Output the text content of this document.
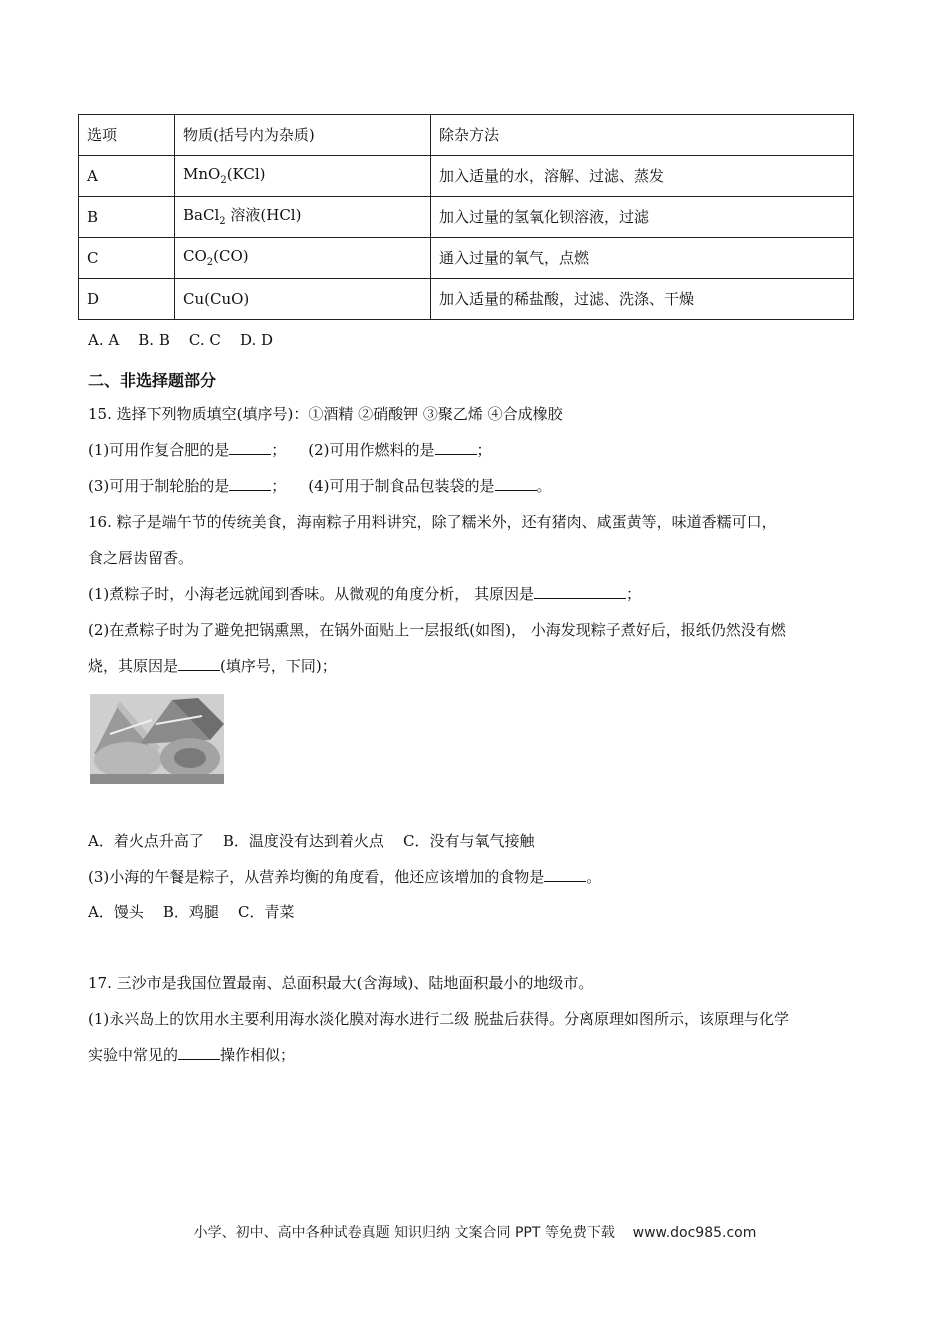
选项	物质(括号内为杂质)	除杂方法
A	MnO$_2$(KCl)	加入适量的水，溶解、过滤、蒸发
B	BaCl$_2$ 溶液(HCl)	加入过量的氢氧化钡溶液，过滤
C	$CO_2(CO)$	通入过量的氧气，点燃
D	Cu(CuO)	加入适量的稀盐酸，过滤、洗涤、干燥
A. A    B. B    C. C    D. D
二、非选择题部分
15. 选择下列物质填空(填序号)：①酒精 ②硝酸钾 ③聚乙烯 ④合成橡胶
(1)可用作复合肥的是	； (2)可用作燃料的是	；
(3)可用于制轮胎的是	； (4)可用于制食品包装袋的是	。
16. 粽子是端午节的传统美食，海南粽子用料讲究，除了糯米外，还有猪肉、咸蛋黄等，味道香糯可口，
食之唇齿留香。
(1)煮粽子时，小海老远就闻到香味。从微观的角度分析， 其原因是	；
(2)在煮粽子时为了避免把锅熏黑，在锅外面贴上一层报纸(如图)， 小海发现粽子煮好后，报纸仍然没有燃
烧，其原因是	(填序号，下同)；
A．着火点升高了    B．温度没有达到着火点    C．没有与氧气接触
(3)小海的午餐是粽子，从营养均衡的角度看，他还应该增加的食物是	。
A．馒头    B．鸡腿    C．青菜
17. 三沙市是我国位置最南、总面积最大(含海域)、陆地面积最小的地级市。
(1)永兴岛上的饮用水主要利用海水淡化膜对海水进行二级 脱盐后获得。分离原理如图所示，该原理与化学
实验中常见的	操作相似；
小学、初中、高中各种试卷真题 知识归纳 文案合同 PPT 等免费下载    www.doc985.com
